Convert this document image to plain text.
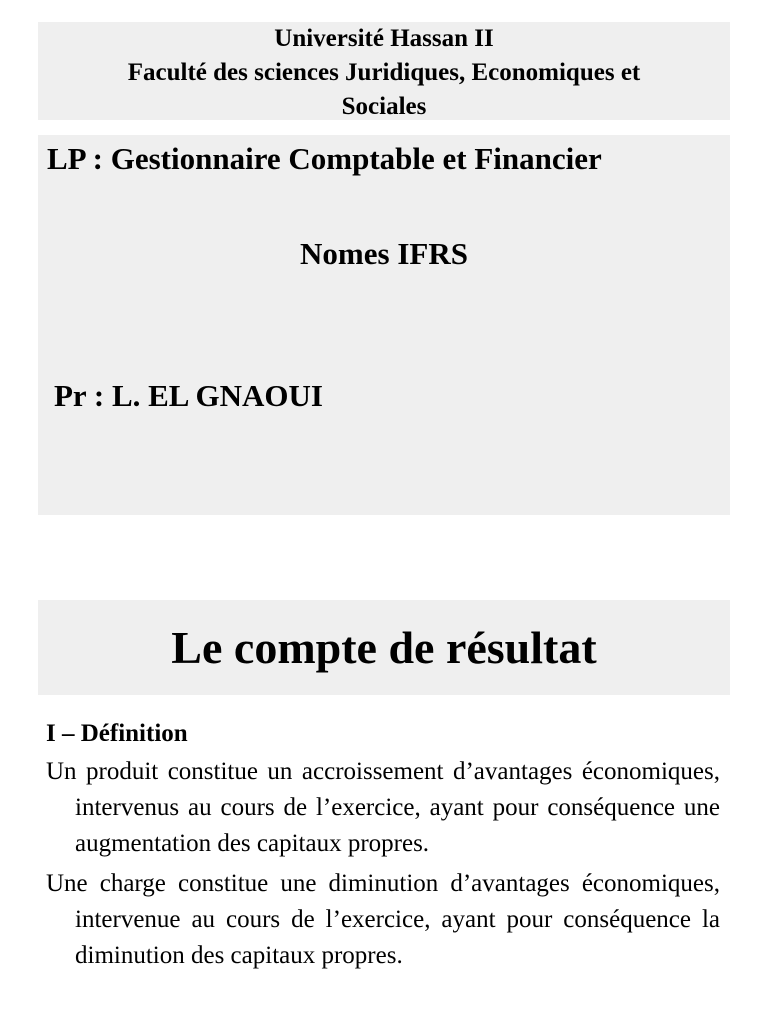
Université Hassan II
Faculté des sciences Juridiques, Economiques et
Sociales
LP : Gestionnaire Comptable et Financier
Nomes IFRS
Pr : L. EL GNAOUI
Le compte de résultat
I – Définition

Un produit constitue un accroissement d’avantages économiques, intervenus au cours de l’exercice, ayant pour conséquence une augmentation des capitaux propres.

Une charge constitue une diminution d’avantages économiques, intervenue au cours de l’exercice, ayant pour conséquence la diminution des capitaux propres.
